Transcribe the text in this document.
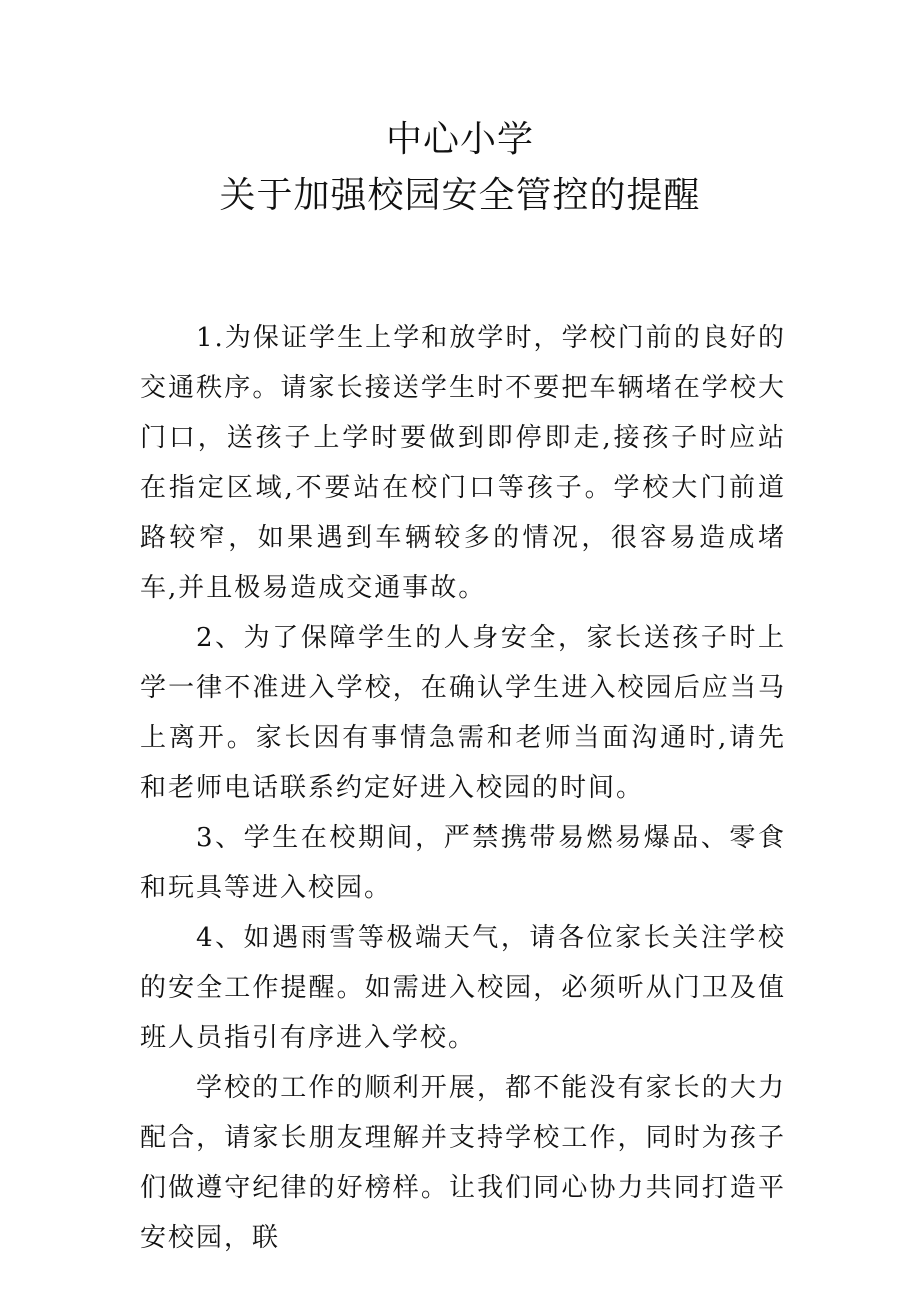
中心小学
关于加强校园安全管控的提醒

1.为保证学生上学和放学时，学校门前的良好的交通秩序。请家长接送学生时不要把车辆堵在学校大门口，送孩子上学时要做到即停即走,接孩子时应站在指定区域,不要站在校门口等孩子。学校大门前道路较窄，如果遇到车辆较多的情况，很容易造成堵车,并且极易造成交通事故。

2、为了保障学生的人身安全，家长送孩子时上学一律不准进入学校，在确认学生进入校园后应当马上离开。家长因有事情急需和老师当面沟通时,请先和老师电话联系约定好进入校园的时间。

3、学生在校期间，严禁携带易燃易爆品、零食和玩具等进入校园。

4、如遇雨雪等极端天气，请各位家长关注学校的安全工作提醒。如需进入校园，必须听从门卫及值班人员指引有序进入学校。

学校的工作的顺利开展，都不能没有家长的大力配合，请家长朋友理解并支持学校工作，同时为孩子们做遵守纪律的好榜样。让我们同心协力共同打造平安校园，联
